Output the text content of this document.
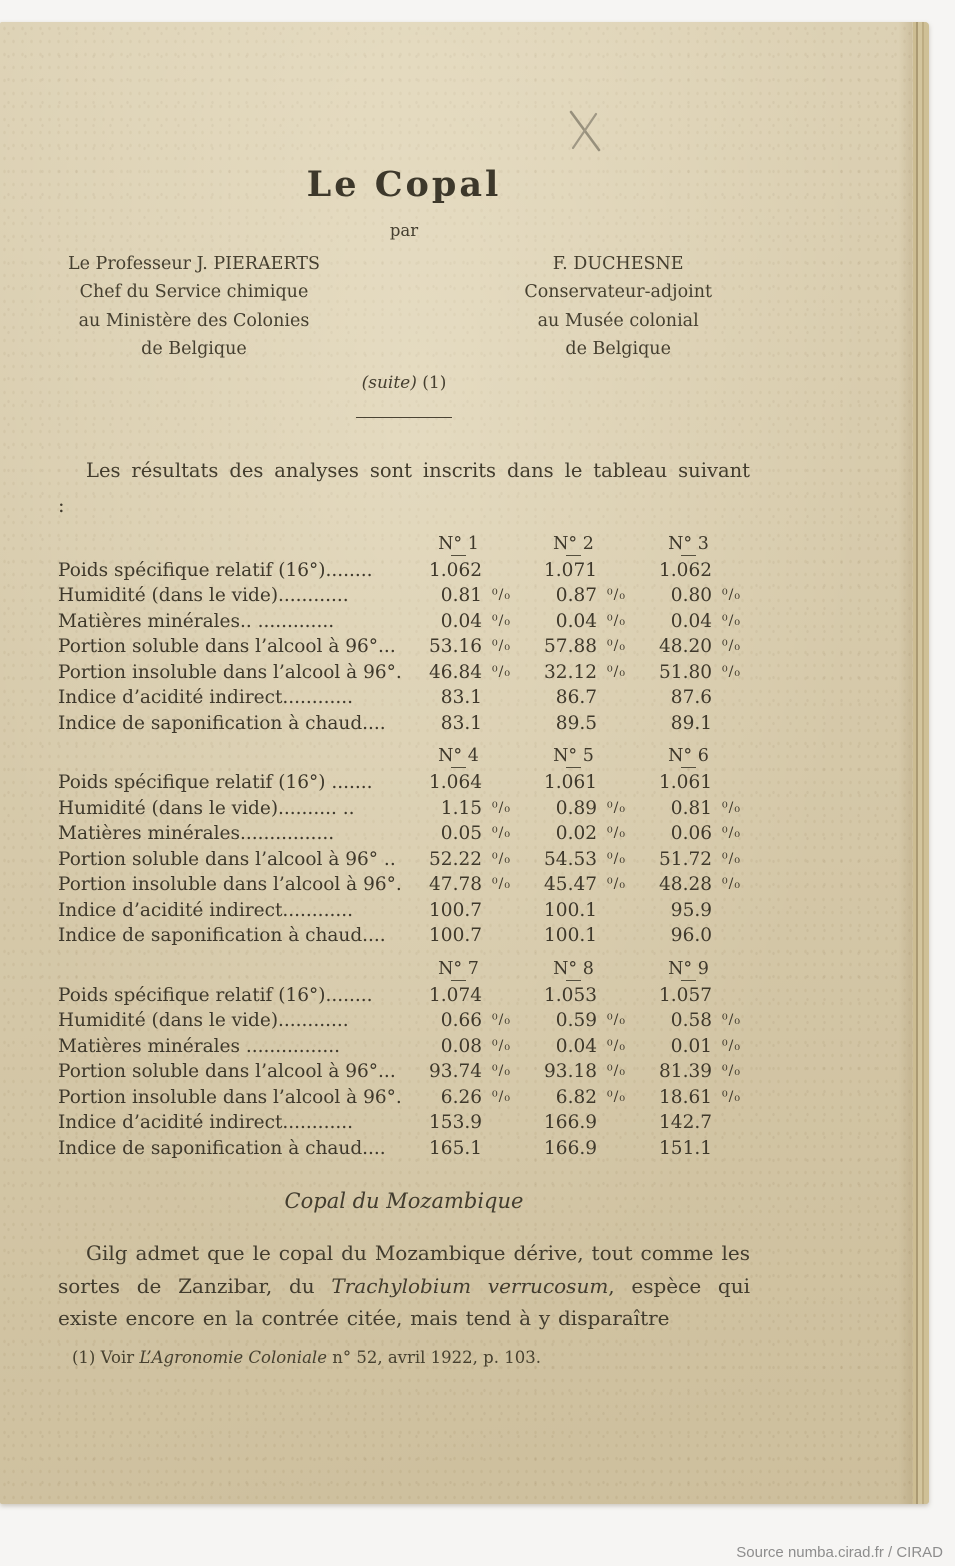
Le Copal
par
Le Professeur J. PIERAERTS
Chef du Service chimique
au Ministère des Colonies
de Belgique
F. DUCHESNE
Conservateur-adjoint
au Musée colonial
de Belgique
(suite) (1)

Les résultats des analyses sont inscrits dans le tableau suivant :

N° 1	N° 2	N° 3
Poids spécifique relatif (16°)........	1.062	1.071	1.062
Humidité (dans le vide)............	0.81 ⁰/₀	0.87 ⁰/₀	0.80 ⁰/₀
Matières minérales.. .............	0.04 ⁰/₀	0.04 ⁰/₀	0.04 ⁰/₀
Portion soluble dans l’alcool à 96°...	53.16 ⁰/₀	57.88 ⁰/₀	48.20 ⁰/₀
Portion insoluble dans l’alcool à 96°.	46.84 ⁰/₀	32.12 ⁰/₀	51.80 ⁰/₀
Indice d’acidité indirect............	83.1	86.7	87.6
Indice de saponification à chaud....	83.1	89.5	89.1
N° 4	N° 5	N° 6
Poids spécifique relatif (16°) .......	1.064	1.061	1.061
Humidité (dans le vide).......... ..	1.15 ⁰/₀	0.89 ⁰/₀	0.81 ⁰/₀
Matières minérales................	0.05 ⁰/₀	0.02 ⁰/₀	0.06 ⁰/₀
Portion soluble dans l’alcool à 96° ..	52.22 ⁰/₀	54.53 ⁰/₀	51.72 ⁰/₀
Portion insoluble dans l’alcool à 96°.	47.78 ⁰/₀	45.47 ⁰/₀	48.28 ⁰/₀
Indice d’acidité indirect............	100.7	100.1	95.9
Indice de saponification à chaud....	100.7	100.1	96.0
N° 7	N° 8	N° 9
Poids spécifique relatif (16°)........	1.074	1.053	1.057
Humidité (dans le vide)............	0.66 ⁰/₀	0.59 ⁰/₀	0.58 ⁰/₀
Matières minérales ................	0.08 ⁰/₀	0.04 ⁰/₀	0.01 ⁰/₀
Portion soluble dans l’alcool à 96°...	93.74 ⁰/₀	93.18 ⁰/₀	81.39 ⁰/₀
Portion insoluble dans l’alcool à 96°.	6.26 ⁰/₀	6.82 ⁰/₀	18.61 ⁰/₀
Indice d’acidité indirect............	153.9	166.9	142.7
Indice de saponification à chaud....	165.1	166.9	151.1
Copal du Mozambique

Gilg admet que le copal du Mozambique dérive, tout comme les sortes de Zanzibar, du Trachylobium verrucosum, espèce qui existe encore en la contrée citée, mais tend à y disparaître

(1) Voir L’Agronomie Coloniale n° 52, avril 1922, p. 103.

Source numba.cirad.fr / CIRAD
